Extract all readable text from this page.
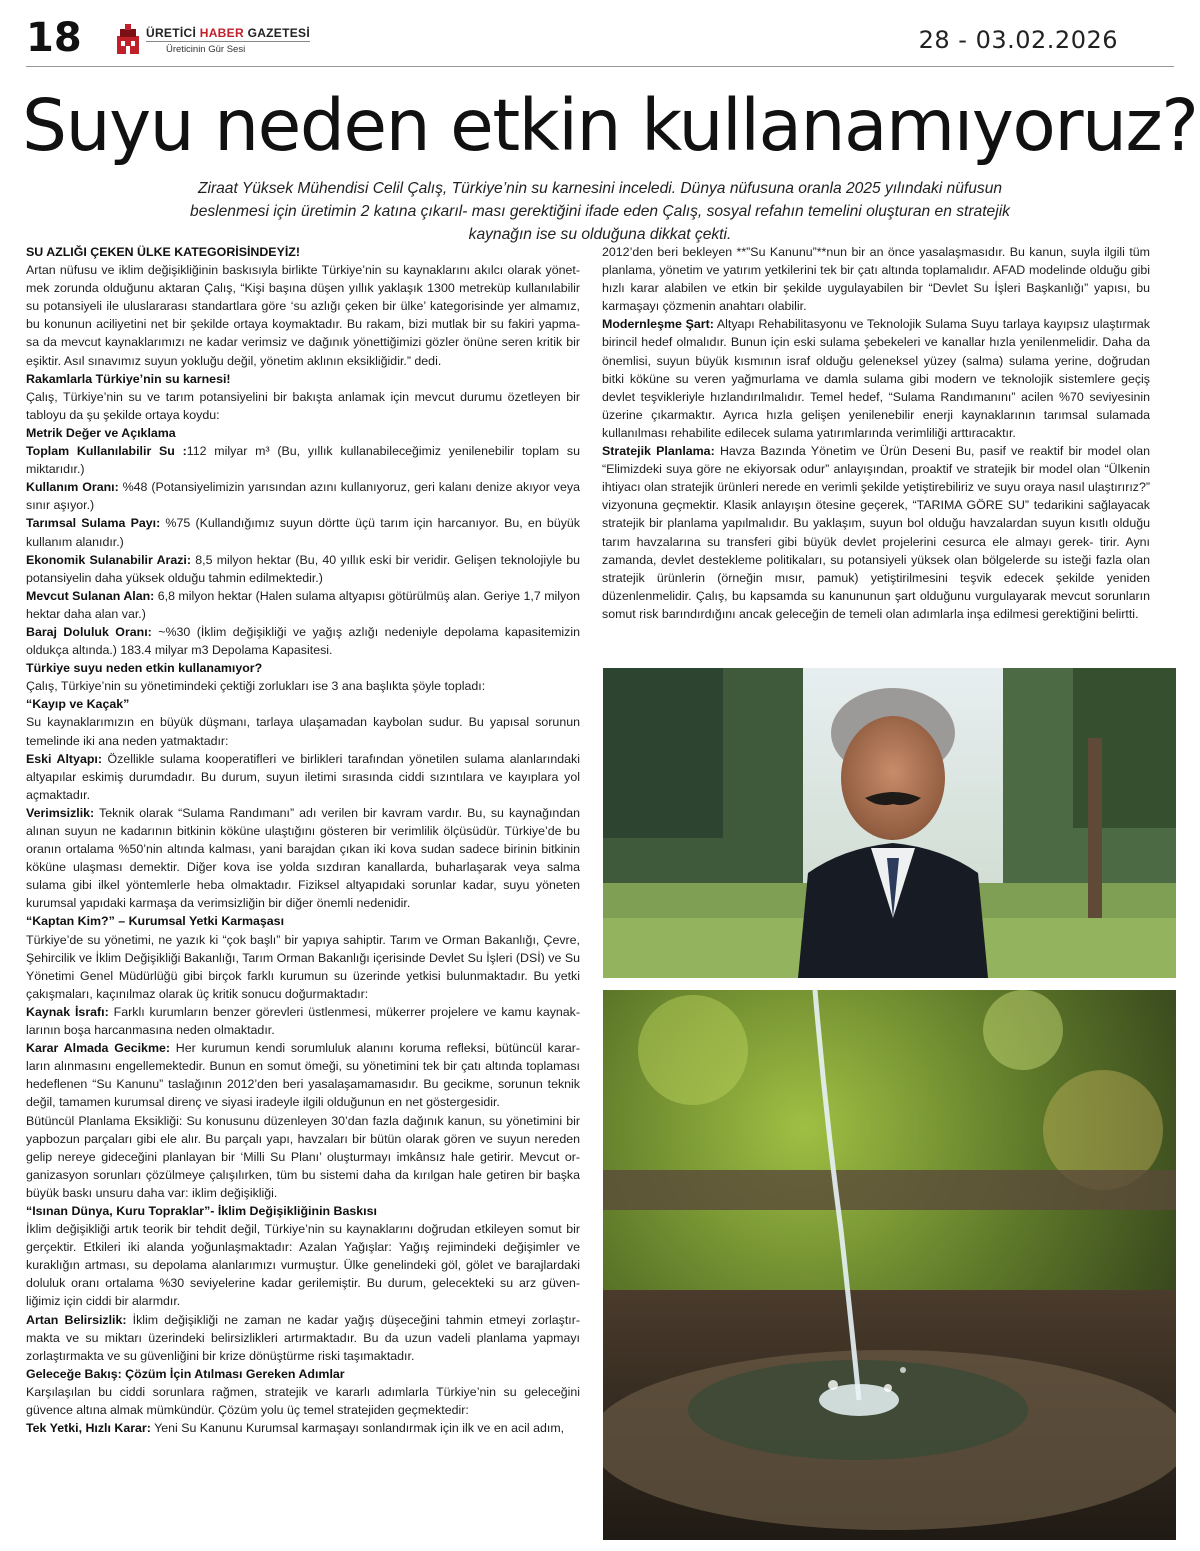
18	ÜRETİCİ HABER GAZETESİ
Üreticinin Gür Sesi	28 - 03.02.2026
Suyu neden etkin kullanamıyoruz?

Ziraat Yüksek Mühendisi Celil Çalış, Türkiye’nin su karnesini inceledi. Dünya nüfusuna oranla 2025 yılındaki nüfusun beslenmesi için üretimin 2 katına çıkarıl- ması gerektiğini ifade eden Çalış, sosyal refahın temelini oluşturan en stratejik kaynağın ise su olduğuna dikkat çekti.

SU AZLIĞI ÇEKEN ÜLKE KATEGORİSİNDEYİZ!

Artan nüfusu ve iklim değişikliğinin baskısıyla birlikte Türkiye’nin su kaynaklarını akılcı olarak yönet- mek zorunda olduğunu aktaran Çalış, “Kişi başına düşen yıllık yaklaşık 1300 metreküp kullanılabilir su potansiyeli ile uluslararası standartlara göre ‘su azlığı çeken bir ülke’ kategorisinde yer almamız, bu konunun aciliyetini net bir şekilde ortaya koymaktadır. Bu rakam, bizi mutlak bir su fakiri yapma- sa da mevcut kaynaklarımızı ne kadar verimsiz ve dağınık yönettiğimizi gözler önüne seren kritik bir eşiktir. Asıl sınavımız suyun yokluğu değil, yönetim aklının eksikliğidir.” dedi.

Rakamlarla Türkiye’nin su karnesi!

Çalış, Türkiye’nin su ve tarım potansiyelini bir bakışta anlamak için mevcut durumu özetleyen bir tabloyu da şu şekilde ortaya koydu:

Metrik Değer ve Açıklama

Toplam Kullanılabilir Su :112 milyar m³ (Bu, yıllık kullanabileceğimiz yenilenebilir toplam su miktarıdır.)

Kullanım Oranı: %48 (Potansiyelimizin yarısından azını kullanıyoruz, geri kalanı denize akıyor veya sınır aşıyor.)

Tarımsal Sulama Payı: %75 (Kullandığımız suyun dörtte üçü tarım için harcanıyor. Bu, en büyük kullanım alanıdır.)

Ekonomik Sulanabilir Arazi: 8,5 milyon hektar (Bu, 40 yıllık eski bir veridir. Gelişen teknolojiyle bu potansiyelin daha yüksek olduğu tahmin edilmektedir.)

Mevcut Sulanan Alan: 6,8 milyon hektar (Halen sulama altyapısı götürülmüş alan. Geriye 1,7 milyon hektar daha alan var.)

Baraj Doluluk Oranı: ~%30 (İklim değişikliği ve yağış azlığı nedeniyle depolama kapasitemizin oldukça altında.) 183.4 milyar m3 Depolama Kapasitesi.

Türkiye suyu neden etkin kullanamıyor?

Çalış, Türkiye’nin su yönetimindeki çektiği zorlukları ise 3 ana başlıkta şöyle topladı:

“Kayıp ve Kaçak”

Su kaynaklarımızın en büyük düşmanı, tarlaya ulaşamadan kaybolan sudur. Bu yapısal sorunun temelinde iki ana neden yatmaktadır:

Eski Altyapı: Özellikle sulama kooperatifleri ve birlikleri tarafından yönetilen sulama alanlarındaki altyapılar eskimiş durumdadır. Bu durum, suyun iletimi sırasında ciddi sızıntılara ve kayıplara yol açmaktadır.

Verimsizlik: Teknik olarak “Sulama Randımanı” adı verilen bir kavram vardır. Bu, su kaynağından alınan suyun ne kadarının bitkinin köküne ulaştığını gösteren bir verimlilik ölçüsüdür. Türkiye’de bu oranın ortalama %50’nin altında kalması, yani barajdan çıkan iki kova sudan sadece birinin bitkinin köküne ulaşması demektir. Diğer kova ise yolda sızdıran kanallarda, buharlaşarak veya salma sulama gibi ilkel yöntemlerle heba olmaktadır. Fiziksel altyapıdaki sorunlar kadar, suyu yöneten kurumsal yapıdaki karmaşa da verimsizliğin bir diğer önemli nedenidir.

“Kaptan Kim?” – Kurumsal Yetki Karmaşası

Türkiye’de su yönetimi, ne yazık ki “çok başlı” bir yapıya sahiptir. Tarım ve Orman Bakanlığı, Çevre, Şehircilik ve İklim Değişikliği Bakanlığı, Tarım Orman Bakanlığı içerisinde Devlet Su İşleri (DSİ) ve Su Yönetimi Genel Müdürlüğü gibi birçok farklı kurumun su üzerinde yetkisi bulunmaktadır. Bu yetki çakışmaları, kaçınılmaz olarak üç kritik sonucu doğurmaktadır:

Kaynak İsrafı: Farklı kurumların benzer görevleri üstlenmesi, mükerrer projelere ve kamu kaynak- larının boşa harcanmasına neden olmaktadır.

Karar Almada Gecikme: Her kurumun kendi sorumluluk alanını koruma refleksi, bütüncül karar- ların alınmasını engellemektedir. Bunun en somut ömeği, su yönetimini tek bir çatı altında toplaması hedeflenen “Su Kanunu” taslağının 2012’den beri yasalaşamamasıdır. Bu gecikme, sorunun teknik değil, tamamen kurumsal direnç ve siyasi iradeyle ilgili olduğunun en net göstergesidir.

Bütüncül Planlama Eksikliği: Su konusunu düzenleyen 30’dan fazla dağınık kanun, su yönetimini bir yapbozun parçaları gibi ele alır. Bu parçalı yapı, havzaları bir bütün olarak gören ve suyun nereden gelip nereye gideceğini planlayan bir ‘Milli Su Planı’ oluşturmayı imkânsız hale getirir. Mevcut or- ganizasyon sorunları çözülmeye çalışılırken, tüm bu sistemi daha da kırılgan hale getiren bir başka büyük baskı unsuru daha var: iklim değişikliği.

“Isınan Dünya, Kuru Topraklar”- İklim Değişikliğinin Baskısı

İklim değişikliği artık teorik bir tehdit değil, Türkiye’nin su kaynaklarını doğrudan etkileyen somut bir gerçektir. Etkileri iki alanda yoğunlaşmaktadır: Azalan Yağışlar: Yağış rejimindeki değişimler ve kuraklığın artması, su depolama alanlarımızı vurmuştur. Ülke genelindeki göl, gölet ve barajlardaki doluluk oranı ortalama %30 seviyelerine kadar gerilemiştir. Bu durum, gelecekteki su arz güven- liğimiz için ciddi bir alarmdır.

Artan Belirsizlik: İklim değişikliği ne zaman ne kadar yağış düşeceğini tahmin etmeyi zorlaştır- makta ve su miktarı üzerindeki belirsizlikleri artırmaktadır. Bu da uzun vadeli planlama yapmayı zorlaştırmakta ve su güvenliğini bir krize dönüştürme riski taşımaktadır.

Geleceğe Bakış: Çözüm İçin Atılması Gereken Adımlar

Karşılaşılan bu ciddi sorunlara rağmen, stratejik ve kararlı adımlarla Türkiye’nin su geleceğini güvence altına almak mümkündür. Çözüm yolu üç temel stratejiden geçmektedir:

Tek Yetki, Hızlı Karar: Yeni Su Kanunu Kurumsal karmaşayı sonlandırmak için ilk ve en acil adım,

2012’den beri bekleyen **”Su Kanunu”**nun bir an önce yasalaşmasıdır. Bu kanun, suyla ilgili tüm planlama, yönetim ve yatırım yetkilerini tek bir çatı altında toplamalıdır. AFAD modelinde olduğu gibi hızlı karar alabilen ve etkin bir şekilde uygulayabilen bir “Devlet Su İşleri Başkanlığı” yapısı, bu karmaşayı çözmenin anahtarı olabilir.

Modernleşme Şart: Altyapı Rehabilitasyonu ve Teknolojik Sulama Suyu tarlaya kayıpsız ulaştırmak birincil hedef olmalıdır. Bunun için eski sulama şebekeleri ve kanallar hızla yenilenmelidir. Daha da önemlisi, suyun büyük kısmının israf olduğu geleneksel yüzey (salma) sulama yerine, doğrudan bitki köküne su veren yağmurlama ve damla sulama gibi modern ve teknolojik sistemlere geçiş devlet teşvikleriyle hızlandırılmalıdır. Temel hedef, “Sulama Randımanını” acilen %70 seviyesinin üzerine çıkarmaktır. Ayrıca hızla gelişen yenilenebilir enerji kaynaklarının tarımsal sulamada kullanılması rehabilite edilecek sulama yatırımlarında verimliliği arttıracaktır.

Stratejik Planlama: Havza Bazında Yönetim ve Ürün Deseni Bu, pasif ve reaktif bir model olan “Elimizdeki suya göre ne ekiyorsak odur” anlayışından, proaktif ve stratejik bir model olan “Ülkenin ihtiyacı olan stratejik ürünleri nerede en verimli şekilde yetiştirebiliriz ve suyu oraya nasıl ulaştırırız?” vizyonuna geçmektir. Klasik anlayışın ötesine geçerek, “TARIMA GÖRE SU” tedarikini sağlayacak stratejik bir planlama yapılmalıdır. Bu yaklaşım, suyun bol olduğu havzalardan suyun kısıtlı olduğu tarım havzalarına su transferi gibi büyük devlet projelerini cesurca ele almayı gerek- tirir. Aynı zamanda, devlet destekleme politikaları, su potansiyeli yüksek olan bölgelerde su isteği fazla olan stratejik ürünlerin (örneğin mısır, pamuk) yetiştirilmesini teşvik edecek şekilde yeniden düzenlenmelidir. Çalış, bu kapsamda su kanununun şart olduğunu vurgulayarak mevcut sorunların somut risk barındırdığını ancak geleceğin de temeli olan adımlarla inşa edilmesi gerektiğini belirtti.
